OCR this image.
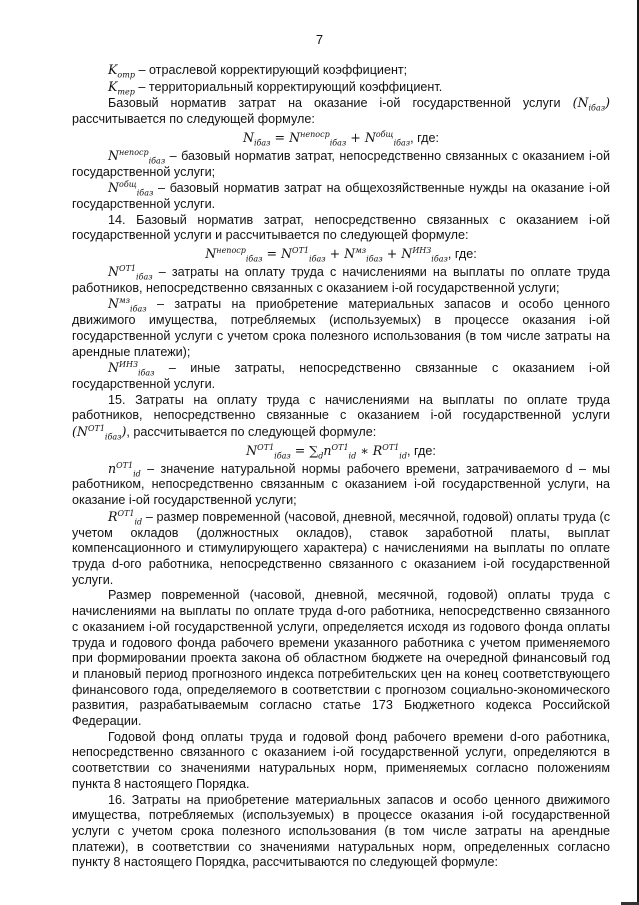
7

$K_{отр}$ – отраслевой корректирующий коэффициент;

$K_{тер}$ – территориальный корректирующий коэффициент.

Базовый норматив затрат на оказание i-ой государственной услуги $(N_{iбаз})$ рассчитывается по следующей формуле:

$N_{iбаз} = N^{непоср}_{iбаз} + N^{общ}_{iбаз}$, где:

$N^{непоср}_{iбаз}$ – базовый норматив затрат, непосредственно связанных с оказанием i-ой государственной услуги;

$N^{общ}_{iбаз}$ – базовый норматив затрат на общехозяйственные нужды на оказание i-ой государственной услуги.

14. Базовый норматив затрат, непосредственно связанных с оказанием i-ой государственной услуги и рассчитывается по следующей формуле:

$N^{непоср}_{iбаз} = N^{ОТ1}_{iбаз} + N^{мз}_{iбаз} + N^{ИНЗ}_{iбаз}$, где:

$N^{ОТ1}_{iбаз}$ – затраты на оплату труда с начислениями на выплаты по оплате труда работников, непосредственно связанных с оказанием i-ой государственной услуги;

$N^{мз}_{iбаз}$ – затраты на приобретение материальных запасов и особо ценного движимого имущества, потребляемых (используемых) в процессе оказания i-ой государственной услуги с учетом срока полезного использования (в том числе затраты на арендные платежи);

$N^{ИНЗ}_{iбаз}$ – иные затраты, непосредственно связанные с оказанием i-ой государственной услуги.

15. Затраты на оплату труда с начислениями на выплаты по оплате труда работников, непосредственно связанные с оказанием i-ой государственной услуги $(N^{ОТ1}_{iбаз})$, рассчитывается по следующей формуле:

$N^{ОТ1}_{iбаз} = \sum_dn^{ОТ1}_{id}$ ∗ $R^{ОТ1}_{id}$, где:

$n^{ОТ1}_{id}$ – значение натуральной нормы рабочего времени, затрачиваемого d – мы работником, непосредственно связанным с оказанием i-ой государственной услуги, на оказание i-ой государственной услуги;

$R^{ОТ1}_{id}$ – размер повременной (часовой, дневной, месячной, годовой) оплаты труда (с учетом окладов (должностных окладов), ставок заработной платы, выплат компенсационного и стимулирующего характера) с начислениями на выплаты по оплате труда d-ого работника, непосредственно связанного с оказанием i-ой государственной услуги.

Размер повременной (часовой, дневной, месячной, годовой) оплаты труда с начислениями на выплаты по оплате труда d-ого работника, непосредственно связанного с оказанием i-ой государственной услуги, определяется исходя из годового фонда оплаты труда и годового фонда рабочего времени указанного работника с учетом применяемого при формировании проекта закона об областном бюджете на очередной финансовый год и плановый период прогнозного индекса потребительских цен на конец соответствующего финансового года, определяемого в соответствии с прогнозом социально-экономического развития, разрабатываемым согласно статье 173 Бюджетного кодекса Российской Федерации.

Годовой фонд оплаты труда и годовой фонд рабочего времени d-ого работника, непосредственно связанного с оказанием i-ой государственной услуги, определяются в соответствии со значениями натуральных норм, применяемых согласно положениям пункта 8 настоящего Порядка.

16. Затраты на приобретение материальных запасов и особо ценного движимого имущества, потребляемых (используемых) в процессе оказания i-ой государственной услуги с учетом срока полезного использования (в том числе затраты на арендные платежи), в соответствии со значениями натуральных норм, определенных согласно пункту 8 настоящего Порядка, рассчитываются по следующей формуле:
